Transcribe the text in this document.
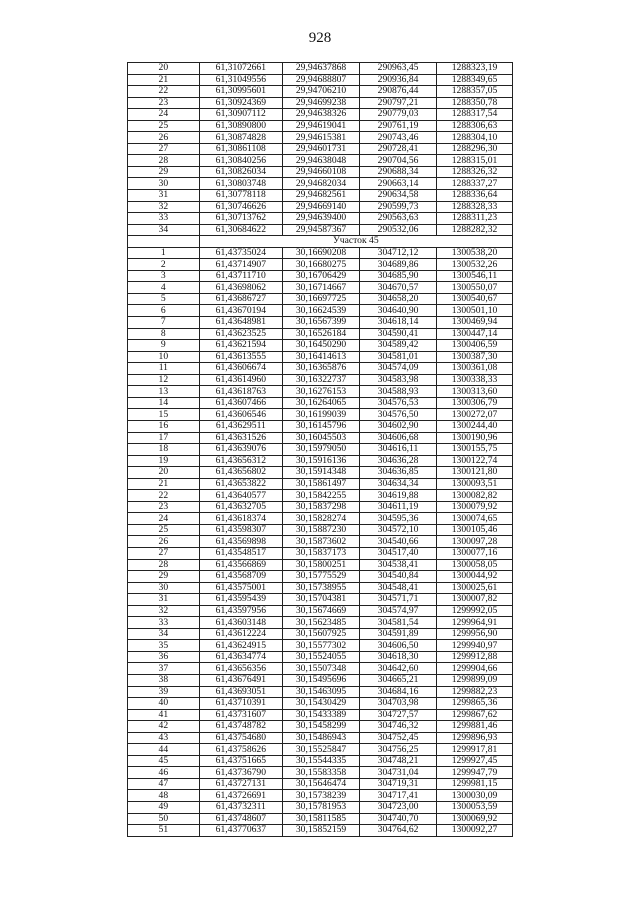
928
20	61,31072661	29,94637868	290963,45	1288323,19
21	61,31049556	29,94688807	290936,84	1288349,65
22	61,30995601	29,94706210	290876,44	1288357,05
23	61,30924369	29,94699238	290797,21	1288350,78
24	61,30907112	29,94638326	290779,03	1288317,54
25	61,30890800	29,94619041	290761,19	1288306,63
26	61,30874828	29,94615381	290743,46	1288304,10
27	61,30861108	29,94601731	290728,41	1288296,30
28	61,30840256	29,94638048	290704,56	1288315,01
29	61,30826034	29,94660108	290688,34	1288326,32
30	61,30803748	29,94682034	290663,14	1288337,27
31	61,30778118	29,94682561	290634,58	1288336,64
32	61,30746626	29,94669140	290599,73	1288328,33
33	61,30713762	29,94639400	290563,63	1288311,23
34	61,30684622	29,94587367	290532,06	1288282,32
	Участок 45			
1	61,43735024	30,16690208	304712,12	1300538,20
2	61,43714907	30,16680275	304689,86	1300532,26
3	61,43711710	30,16706429	304685,90	1300546,11
4	61,43698062	30,16714667	304670,57	1300550,07
5	61,43686727	30,16697725	304658,20	1300540,67
6	61,43670194	30,16624539	304640,90	1300501,10
7	61,43648981	30,16567399	304618,14	1300469,94
8	61,43623525	30,16526184	304590,41	1300447,14
9	61,43621594	30,16450290	304589,42	1300406,59
10	61,43613555	30,16414613	304581,01	1300387,30
11	61,43606674	30,16365876	304574,09	1300361,08
12	61,43614960	30,16322737	304583,98	1300338,33
13	61,43618763	30,16276153	304588,93	1300313,60
14	61,43607466	30,16264065	304576,53	1300306,79
15	61,43606546	30,16199039	304576,50	1300272,07
16	61,43629511	30,16145796	304602,90	1300244,40
17	61,43631526	30,16045503	304606,68	1300190,96
18	61,43639076	30,15979050	304616,11	1300155,75
19	61,43656312	30,15916136	304636,28	1300122,74
20	61,43656802	30,15914348	304636,85	1300121,80
21	61,43653822	30,15861497	304634,34	1300093,51
22	61,43640577	30,15842255	304619,88	1300082,82
23	61,43632705	30,15837298	304611,19	1300079,92
24	61,43618374	30,15828274	304595,36	1300074,65
25	61,43598307	30,15887230	304572,10	1300105,46
26	61,43569898	30,15873602	304540,66	1300097,28
27	61,43548517	30,15837173	304517,40	1300077,16
28	61,43566869	30,15800251	304538,41	1300058,05
29	61,43568709	30,15775529	304540,84	1300044,92
30	61,43575001	30,15738955	304548,41	1300025,61
31	61,43595439	30,15704381	304571,71	1300007,82
32	61,43597956	30,15674669	304574,97	1299992,05
33	61,43603148	30,15623485	304581,54	1299964,91
34	61,43612224	30,15607925	304591,89	1299956,90
35	61,43624915	30,15577302	304606,50	1299940,97
36	61,43634774	30,15524055	304618,30	1299912,88
37	61,43656356	30,15507348	304642,60	1299904,66
38	61,43676491	30,15495696	304665,21	1299899,09
39	61,43693051	30,15463095	304684,16	1299882,23
40	61,43710391	30,15430429	304703,98	1299865,36
41	61,43731607	30,15433389	304727,57	1299867,62
42	61,43748782	30,15458299	304746,32	1299881,46
43	61,43754680	30,15486943	304752,45	1299896,93
44	61,43758626	30,15525847	304756,25	1299917,81
45	61,43751665	30,15544335	304748,21	1299927,45
46	61,43736790	30,15583358	304731,04	1299947,79
47	61,43727131	30,15646474	304719,31	1299981,15
48	61,43726691	30,15738239	304717,41	1300030,09
49	61,43732311	30,15781953	304723,00	1300053,59
50	61,43748607	30,15811585	304740,70	1300069,92
51	61,43770637	30,15852159	304764,62	1300092,27
